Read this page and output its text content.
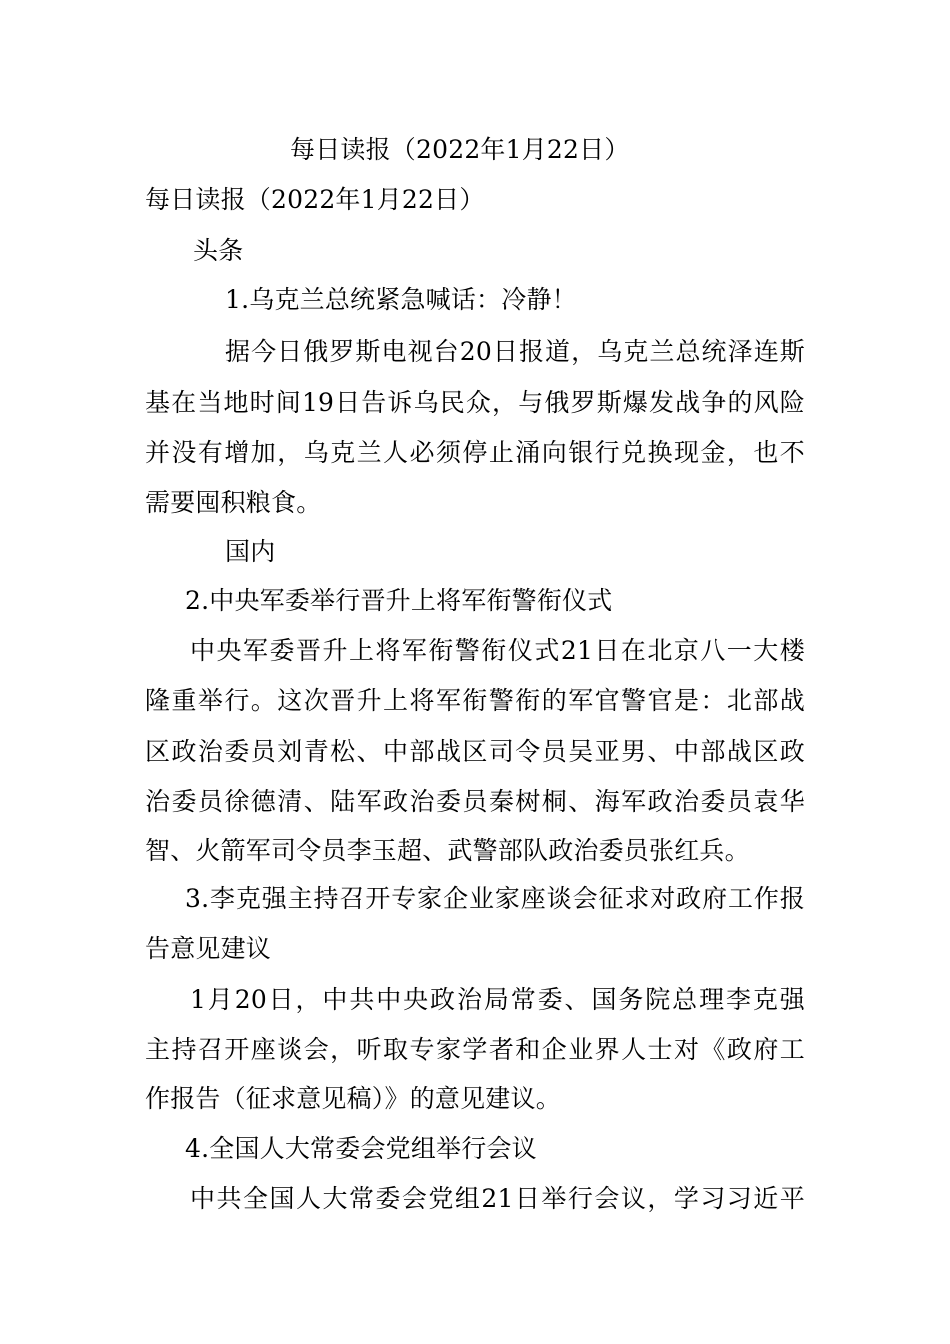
每日读报（2022年1月22日）
每日读报（2022年1月22日）
头条
1.乌克兰总统紧急喊话：冷静！
据今日俄罗斯电视台20日报道，乌克兰总统泽连斯
基在当地时间19日告诉乌民众，与俄罗斯爆发战争的风险
并没有增加，乌克兰人必须停止涌向银行兑换现金，也不
需要囤积粮食。
国内
2.中央军委举行晋升上将军衔警衔仪式
中央军委晋升上将军衔警衔仪式21日在北京八一大楼
隆重举行。这次晋升上将军衔警衔的军官警官是：北部战
区政治委员刘青松、中部战区司令员吴亚男、中部战区政
治委员徐德清、陆军政治委员秦树桐、海军政治委员袁华
智、火箭军司令员李玉超、武警部队政治委员张红兵。
3.李克强主持召开专家企业家座谈会征求对政府工作报
告意见建议
1月20日，中共中央政治局常委、国务院总理李克强
主持召开座谈会，听取专家学者和企业界人士对《政府工
作报告（征求意见稿）》的意见建议。
4.全国人大常委会党组举行会议
中共全国人大常委会党组21日举行会议，学习习近平
